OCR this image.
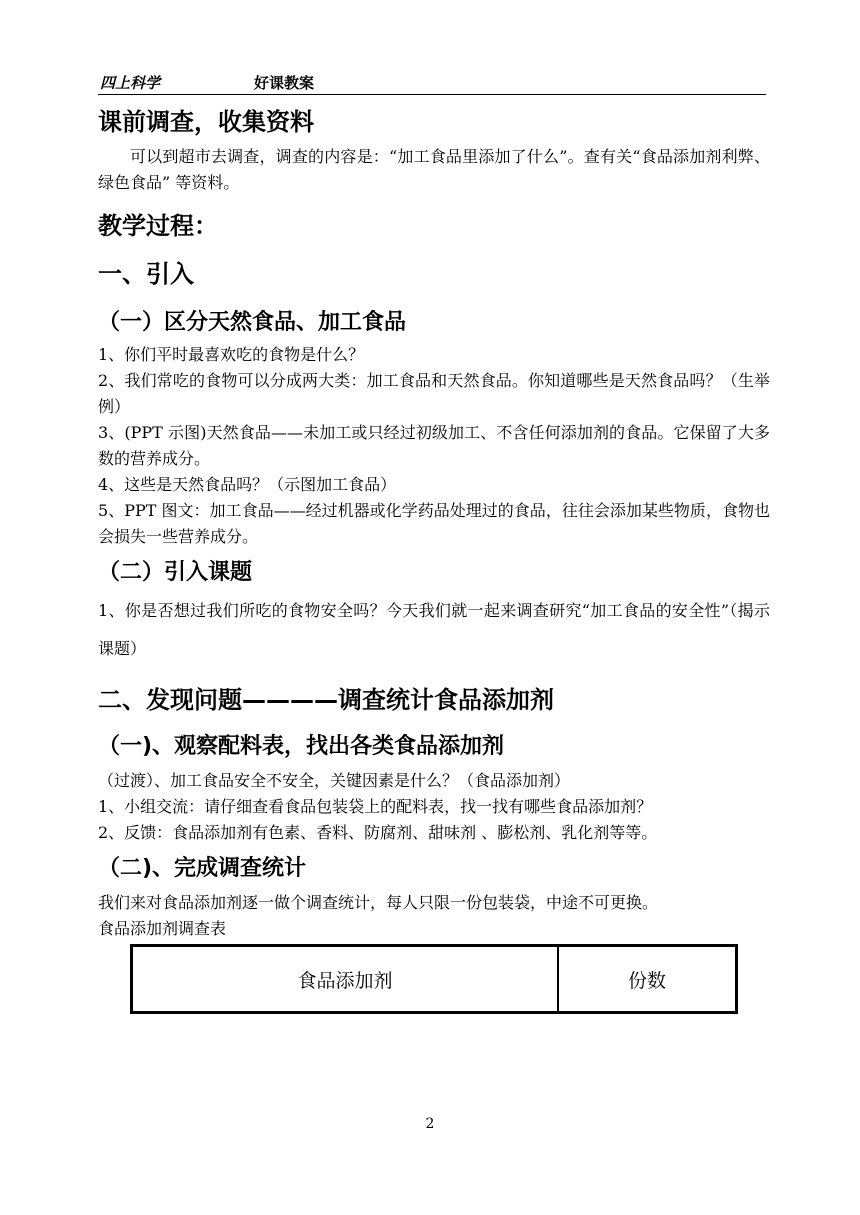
四上科学	好课教案
课前调查，收集资料

可以到超市去调查，调查的内容是：“加工食品里添加了什么”。查有关“食品添加剂利弊、绿色食品” 等资料。

教学过程：
一、引入
（一）区分天然食品、加工食品

1、你们平时最喜欢吃的食物是什么？

2、我们常吃的食物可以分成两大类：加工食品和天然食品。你知道哪些是天然食品吗？（生举例）

3、(PPT 示图)天然食品——未加工或只经过初级加工、不含任何添加剂的食品。它保留了大多数的营养成分。

4、这些是天然食品吗？（示图加工食品）

5、PPT 图文：加工食品——经过机器或化学药品处理过的食品，往往会添加某些物质，食物也会损失一些营养成分。

（二）引入课题

1、你是否想过我们所吃的食物安全吗？今天我们就一起来调查研究“加工食品的安全性”（揭示课题）

二、发现问题————调查统计食品添加剂
（一)、观察配料表，找出各类食品添加剂

（过渡）、加工食品安全不安全，关键因素是什么？（食品添加剂）

1、小组交流：请仔细查看食品包装袋上的配料表，找一找有哪些食品添加剂？

2、反馈：食品添加剂有色素、香料、防腐剂、甜味剂 、膨松剂、乳化剂等等。

（二)、完成调查统计

我们来对食品添加剂逐一做个调查统计，每人只限一份包装袋，中途不可更换。

食品添加剂调查表

食品添加剂	份数
2
